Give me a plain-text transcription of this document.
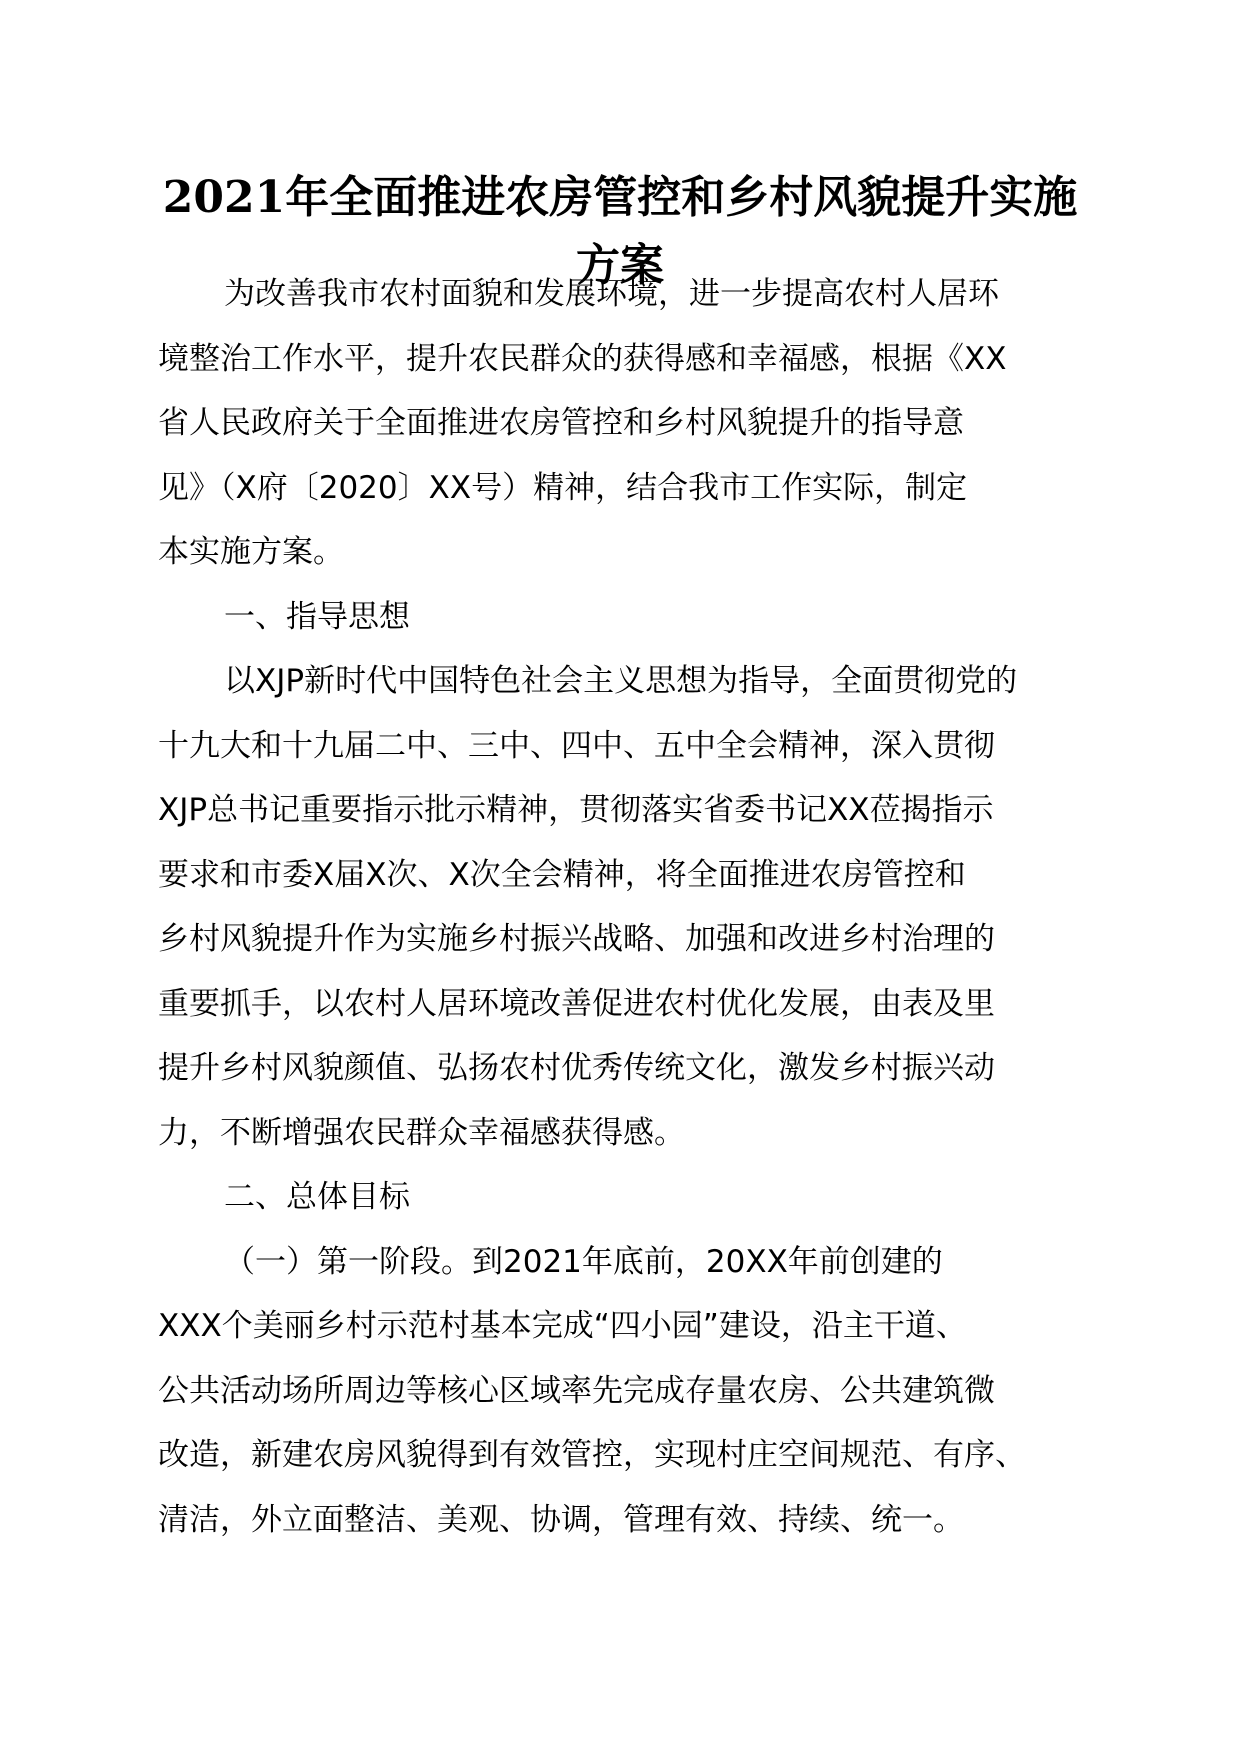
2021年全面推进农房管控和乡村风貌提升实施
方案
为改善我市农村面貌和发展环境，进一步提高农村人居环
境整治工作水平，提升农民群众的获得感和幸福感，根据《XX
省人民政府关于全面推进农房管控和乡村风貌提升的指导意
见》（X府〔2020〕XX号）精神，结合我市工作实际，制定
本实施方案。
一、指导思想
以XJP新时代中国特色社会主义思想为指导，全面贯彻党的
十九大和十九届二中、三中、四中、五中全会精神，深入贯彻
XJP总书记重要指示批示精神，贯彻落实省委书记XX莅揭指示
要求和市委X届X次、X次全会精神，将全面推进农房管控和
乡村风貌提升作为实施乡村振兴战略、加强和改进乡村治理的
重要抓手，以农村人居环境改善促进农村优化发展，由表及里
提升乡村风貌颜值、弘扬农村优秀传统文化，激发乡村振兴动
力，不断增强农民群众幸福感获得感。
二、总体目标
（一）第一阶段。到2021年底前，20XX年前创建的
XXX个美丽乡村示范村基本完成“四小园”建设，沿主干道、
公共活动场所周边等核心区域率先完成存量农房、公共建筑微
改造，新建农房风貌得到有效管控，实现村庄空间规范、有序、
清洁，外立面整洁、美观、协调，管理有效、持续、统一。
